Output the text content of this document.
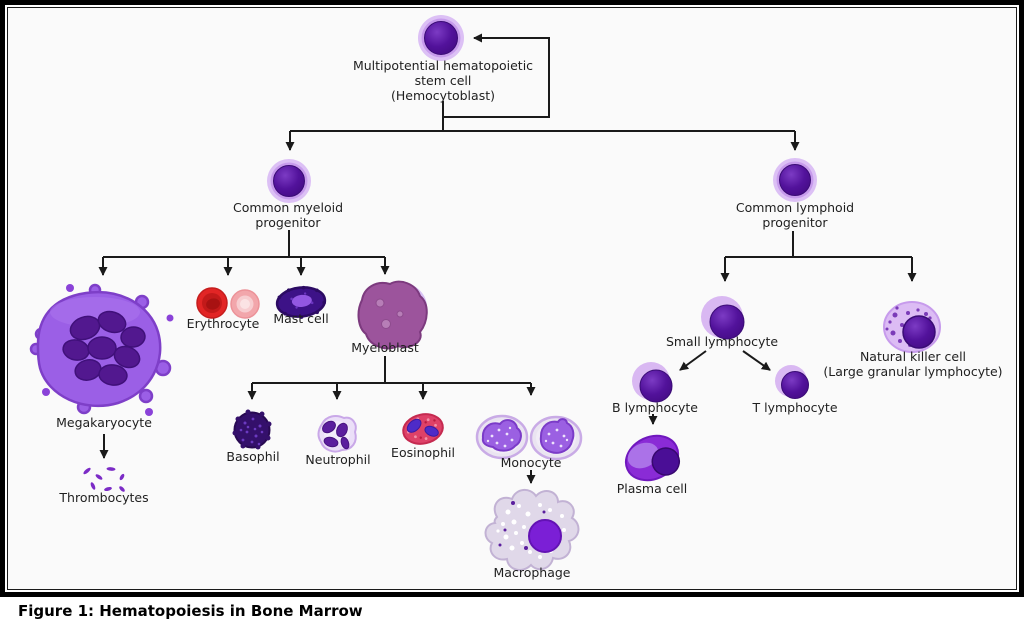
Multipotential hematopoietic
stem cell
(Hemocytoblast)
Common myeloid
progenitor
Common lymphoid
progenitor
Megakaryocyte
Thrombocytes
Erythrocyte Mast cell
Myeloblast
Basophil Neutrophil Eosinophil
Monocyte
Macrophage
Small lymphocyte
Natural killer cell
(Large granular lymphocyte)
B lymphocyte	T lymphocyte
Plasma cell
Figure 1: Hematopoiesis in Bone Marrow
